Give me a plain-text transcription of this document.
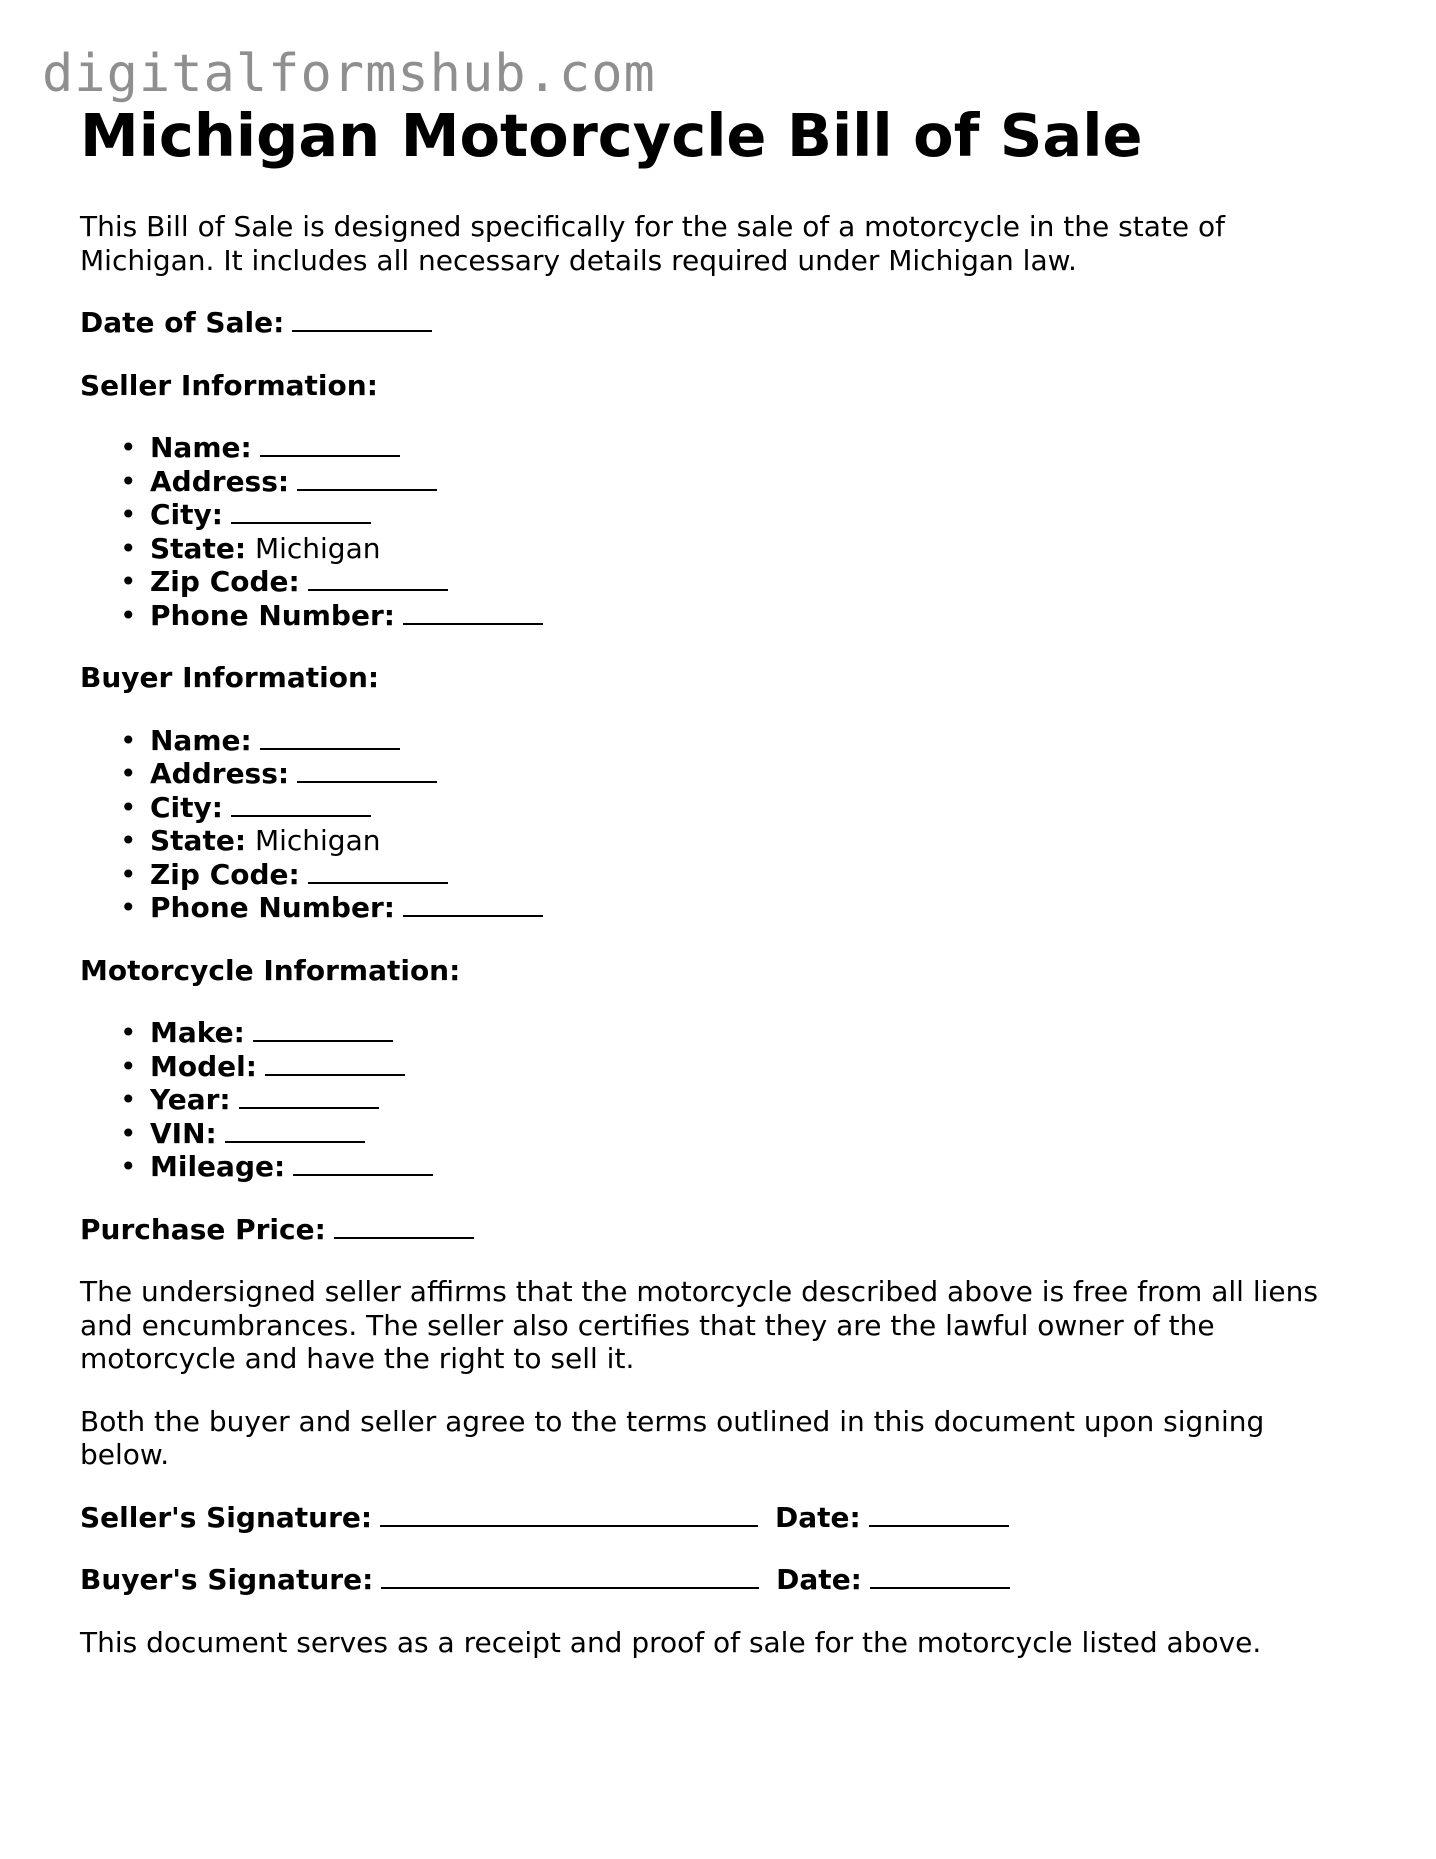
digitalformshub.com
Michigan Motorcycle Bill of Sale

This Bill of Sale is designed specifically for the sale of a motorcycle in the state of Michigan. It includes all necessary details required under Michigan law.

Date of Sale:

Seller Information:

• Name:
• Address:
• City:
• State: Michigan
• Zip Code:
• Phone Number:

Buyer Information:

• Name:
• Address:
• City:
• State: Michigan
• Zip Code:
• Phone Number:

Motorcycle Information:

• Make:
• Model:
• Year:
• VIN:
• Mileage:

Purchase Price:

The undersigned seller affirms that the motorcycle described above is free from all liens and encumbrances. The seller also certifies that they are the lawful owner of the motorcycle and have the right to sell it.

Both the buyer and seller agree to the terms outlined in this document upon signing below.

Seller's Signature:	Date:

Buyer's Signature:	Date:

This document serves as a receipt and proof of sale for the motorcycle listed above.
